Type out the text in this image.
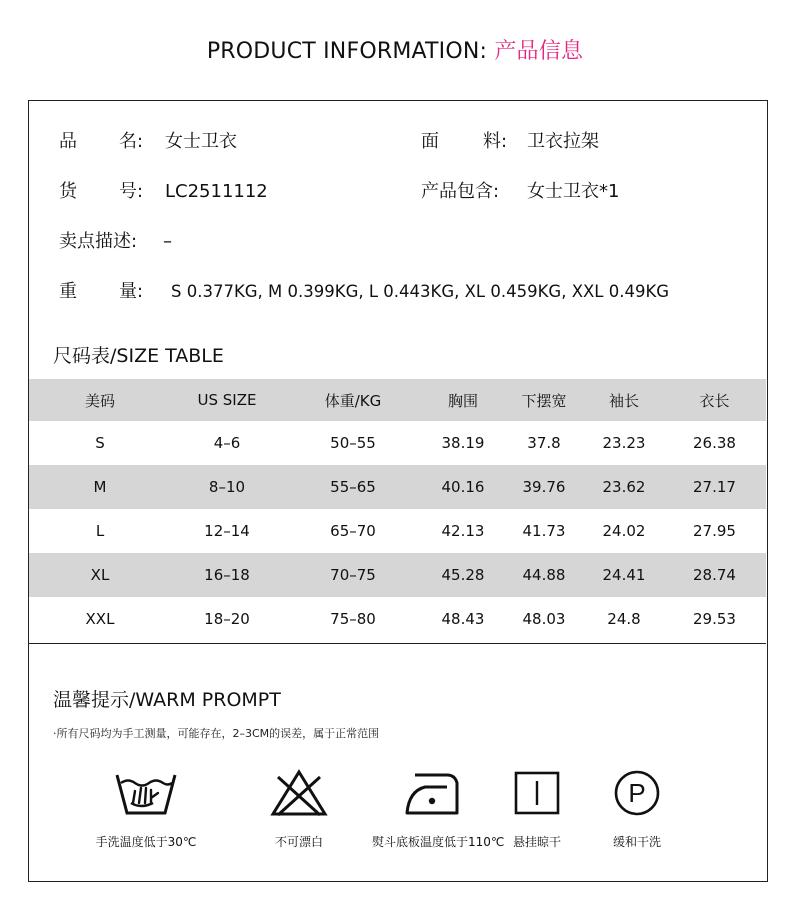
PRODUCT INFORMATION: 产品信息
品 名: 女士卫衣	面 料: 卫衣拉架
货 号: LC2511112	产品包含: 女士卫衣*1
卖点描述: –
重 量: S 0.377KG, M 0.399KG, L 0.443KG, XL 0.459KG, XXL 0.49KG
尺码表/SIZE TABLE
美码	US SIZE	体重/KG	胸围	下摆宽	袖长	衣长
S	4–6	50–55	38.19	37.8	23.23	26.38
M	8–10	55–65	40.16	39.76	23.62	27.17
L	12–14	65–70	42.13	41.73	24.02	27.95
XL	16–18	70–75	45.28	44.88	24.41	28.74
XXL	18–20	75–80	48.43	48.03	24.8	29.53
温馨提示/WARM PROMPT
·所有尺码均为手工测量，可能存在，2–3CM的误差，属于正常范围
手洗温度低于30℃	不可漂白	熨斗底板温度低于110℃ 悬挂晾干
P
缓和干洗
